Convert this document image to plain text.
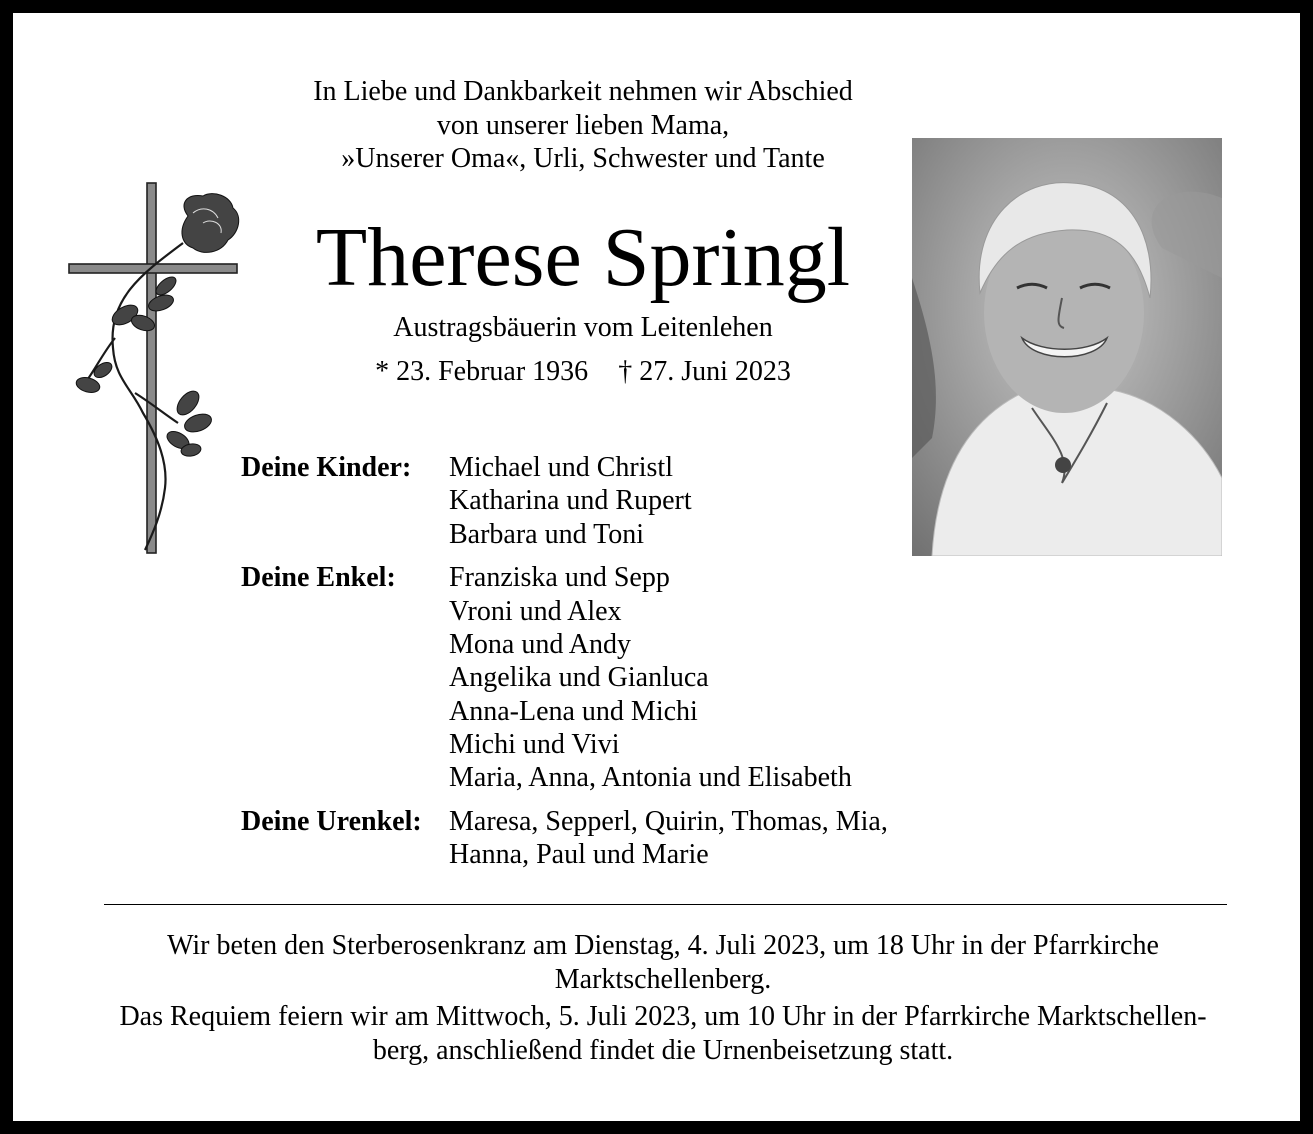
In Liebe und Dankbarkeit nehmen wir Abschied
von unserer lieben Mama,
»Unserer Oma«, Urli, Schwester und Tante
Therese Springl
Austragsbäuerin vom Leitenlehen
* 23. Februar 1936 † 27. Juni 2023
Deine Kinder:	Michael und Christl
Katharina und Rupert
Barbara und Toni
Deine Enkel:	Franziska und Sepp
Vroni und Alex
Mona und Andy
Angelika und Gianluca
Anna-Lena und Michi
Michi und Vivi
Maria, Anna, Antonia und Elisabeth
Deine Urenkel: Maresa, Sepperl, Quirin, Thomas, Mia,
Hanna, Paul und Marie
Wir beten den Sterberosenkranz am Dienstag, 4. Juli 2023, um 18 Uhr in der Pfarrkirche
Marktschellenberg.
Das Requiem feiern wir am Mittwoch, 5. Juli 2023, um 10 Uhr in der Pfarrkirche Marktschellen-
berg, anschließend findet die Urnenbeisetzung statt.
